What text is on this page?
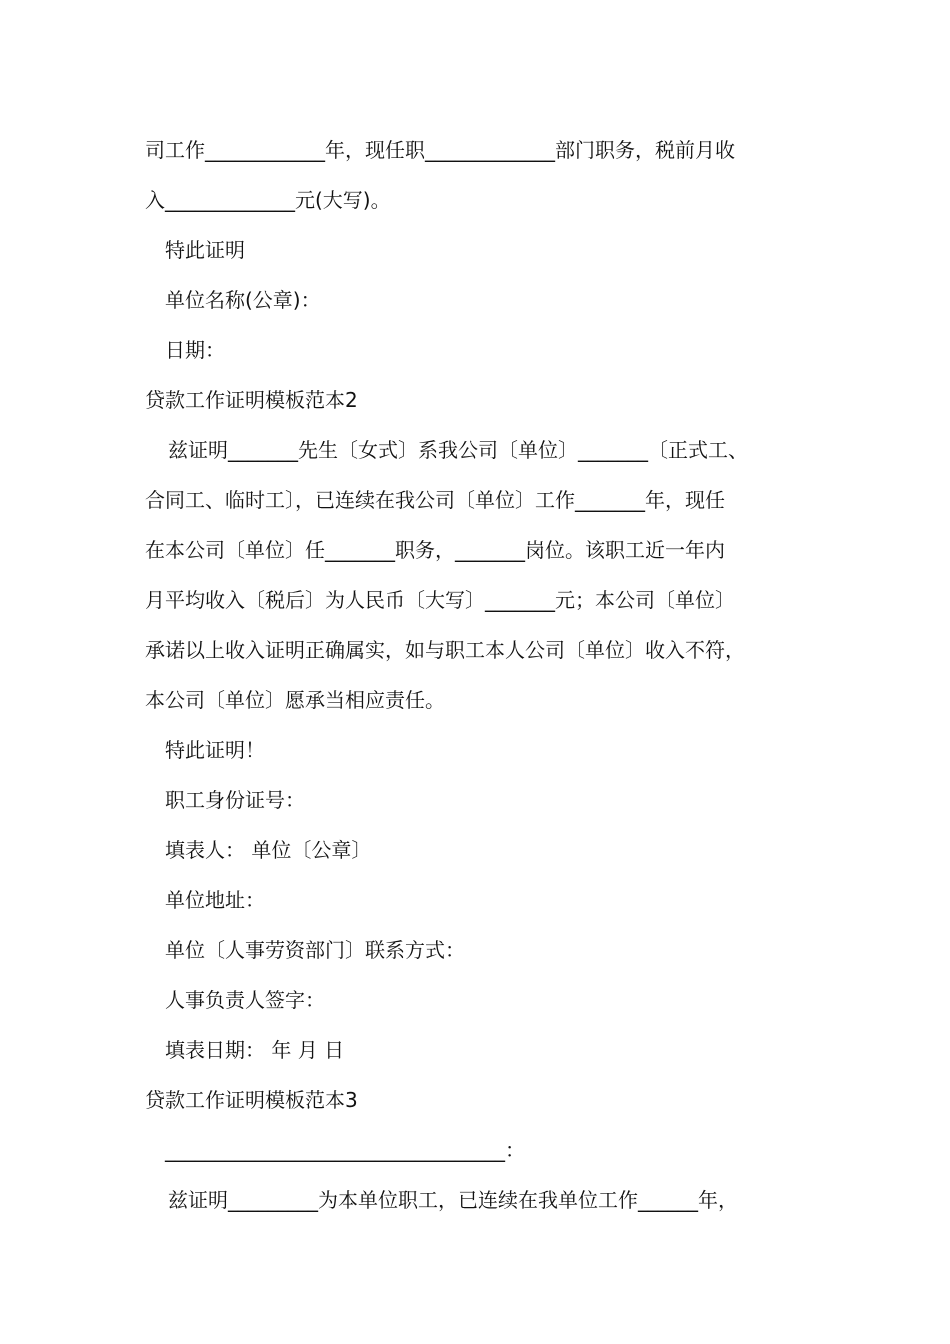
司工作____________年，现任职_____________部门职务，税前月收
入_____________元(大写)。
特此证明
单位名称(公章)：
日期：
贷款工作证明模板范本2
兹证明_______先生〔女式〕系我公司〔单位〕_______〔正式工、
合同工、临时工〕，已连续在我公司〔单位〕工作_______年，现任
在本公司〔单位〕任_______职务，_______岗位。该职工近一年内
月平均收入〔税后〕为人民币〔大写〕_______元；本公司〔单位〕
承诺以上收入证明正确属实，如与职工本人公司〔单位〕收入不符，
本公司〔单位〕愿承当相应责任。
特此证明！
职工身份证号：
填表人： 单位〔公章〕
单位地址：
单位〔人事劳资部门〕联系方式：
人事负责人签字：
填表日期： 年 月 日
贷款工作证明模板范本3
__________________________________：
兹证明_________为本单位职工，已连续在我单位工作______年，
